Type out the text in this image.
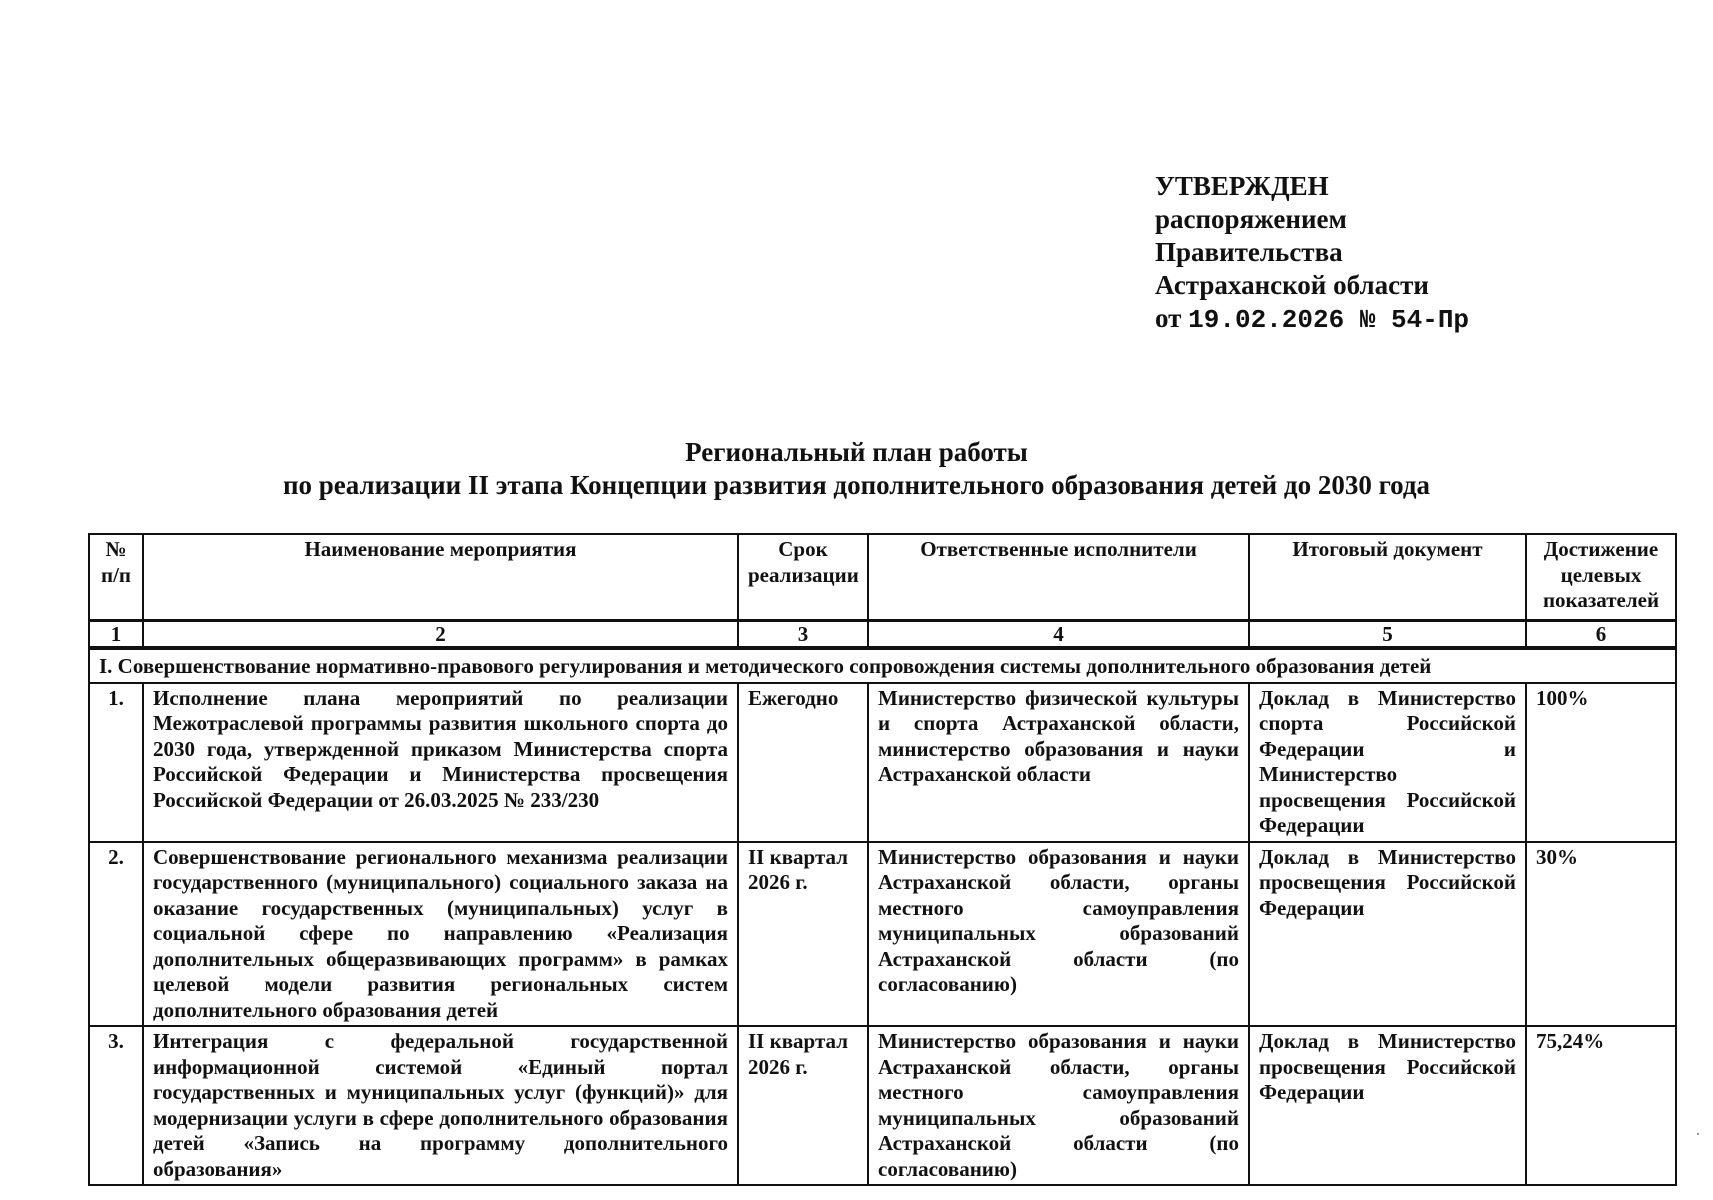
УТВЕРЖДЕН
распоряжением
Правительства
Астраханской области
от 19.02.2026 № 54-Пр
Региональный план работы
по реализации II этапа Концепции развития дополнительного образования детей до 2030 года
№ п/п	Наименование мероприятия	Срок реализации	Ответственные исполнители	Итоговый документ	Достижение целевых показателей
1	2	3	4	5	6
I. Совершенствование нормативно-правового регулирования и методического сопровождения системы дополнительного образования детей					
1.	Исполнение плана мероприятий по реализации Межотраслевой программы развития школьного спорта до 2030 года, утвержденной приказом Министерства спорта Российской Федерации и Министерства просвещения Российской Федерации от 26.03.2025 № 233/230	Ежегодно	Министерство физической культуры и спорта Астраханской области, министерство образования и науки Астраханской области	Доклад в Министерство спорта Российской Федерации и Министерство просвещения Российской Федерации	100%
2.	Совершенствование регионального механизма реализации государственного (муниципального) социального заказа на оказание государственных (муниципальных) услуг в социальной сфере по направлению «Реализация дополнительных общеразвивающих программ» в рамках целевой модели развития региональных систем дополнительного образования детей	II квартал 2026 г.	Министерство образования и науки Астраханской области, органы местного самоуправления муниципальных образований Астраханской области (по согласованию)	Доклад в Министерство просвещения Российской Федерации	30%
3.	Интеграция с федеральной государственной информационной системой «Единый портал государственных и муниципальных услуг (функций)» для модернизации услуги в сфере дополнительного образования детей «Запись на программу дополнительного образования»	II квартал 2026 г.	Министерство образования и науки Астраханской области, органы местного самоуправления муниципальных образований Астраханской области (по согласованию)	Доклад в Министерство просвещения Российской Федерации	75,24%
